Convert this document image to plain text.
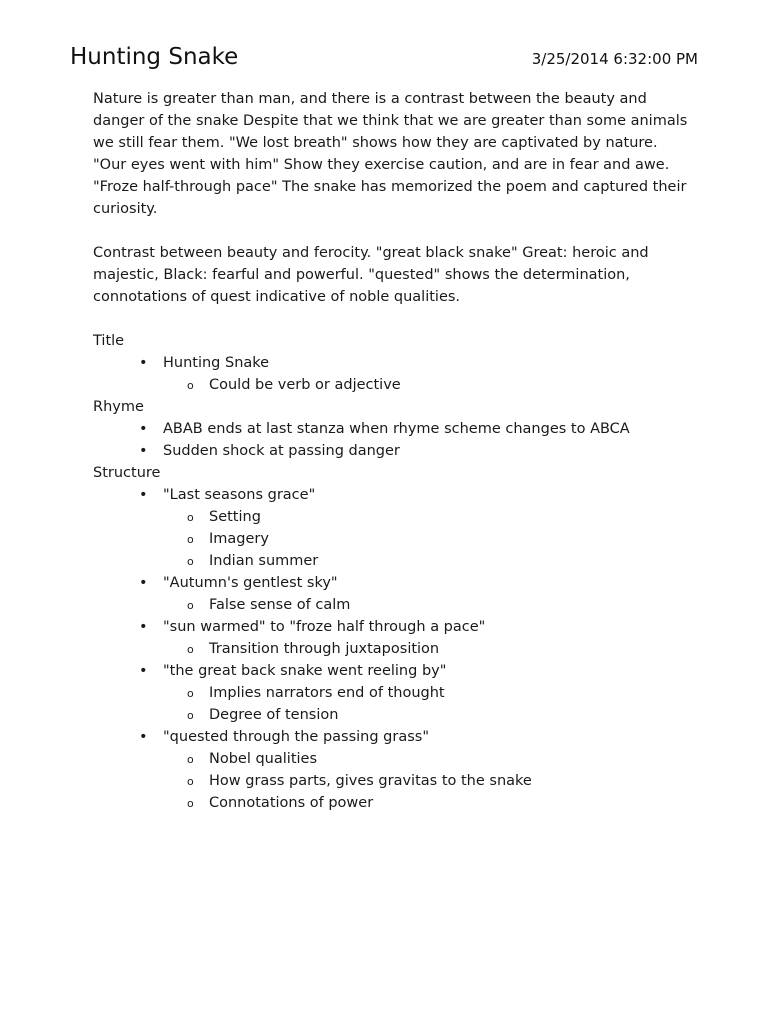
Hunting Snake	3/25/2014 6:32:00 PM

Nature is greater than man, and there is a contrast between the beauty and danger of the snake Despite that we think that we are greater than some animals we still fear them. "We lost breath" shows how they are captivated by nature. "Our eyes went with him" Show they exercise caution, and are in fear and awe. "Froze half-through pace" The snake has memorized the poem and captured their curiosity.

Contrast between beauty and ferocity. "great black snake" Great: heroic and majestic, Black: fearful and powerful. "quested" shows the determination, connotations of quest indicative of noble qualities.

Title
• Hunting Snake
o Could be verb or adjective
Rhyme
• ABAB ends at last stanza when rhyme scheme changes to ABCA
• Sudden shock at passing danger
Structure
• "Last seasons grace"
o Setting
o Imagery
o Indian summer
• "Autumn's gentlest sky"
o False sense of calm
• "sun warmed" to "froze half through a pace"
o Transition through juxtaposition
• "the great back snake went reeling by"
o Implies narrators end of thought
o Degree of tension
• "quested through the passing grass"
o Nobel qualities
o How grass parts, gives gravitas to the snake
o Connotations of power
